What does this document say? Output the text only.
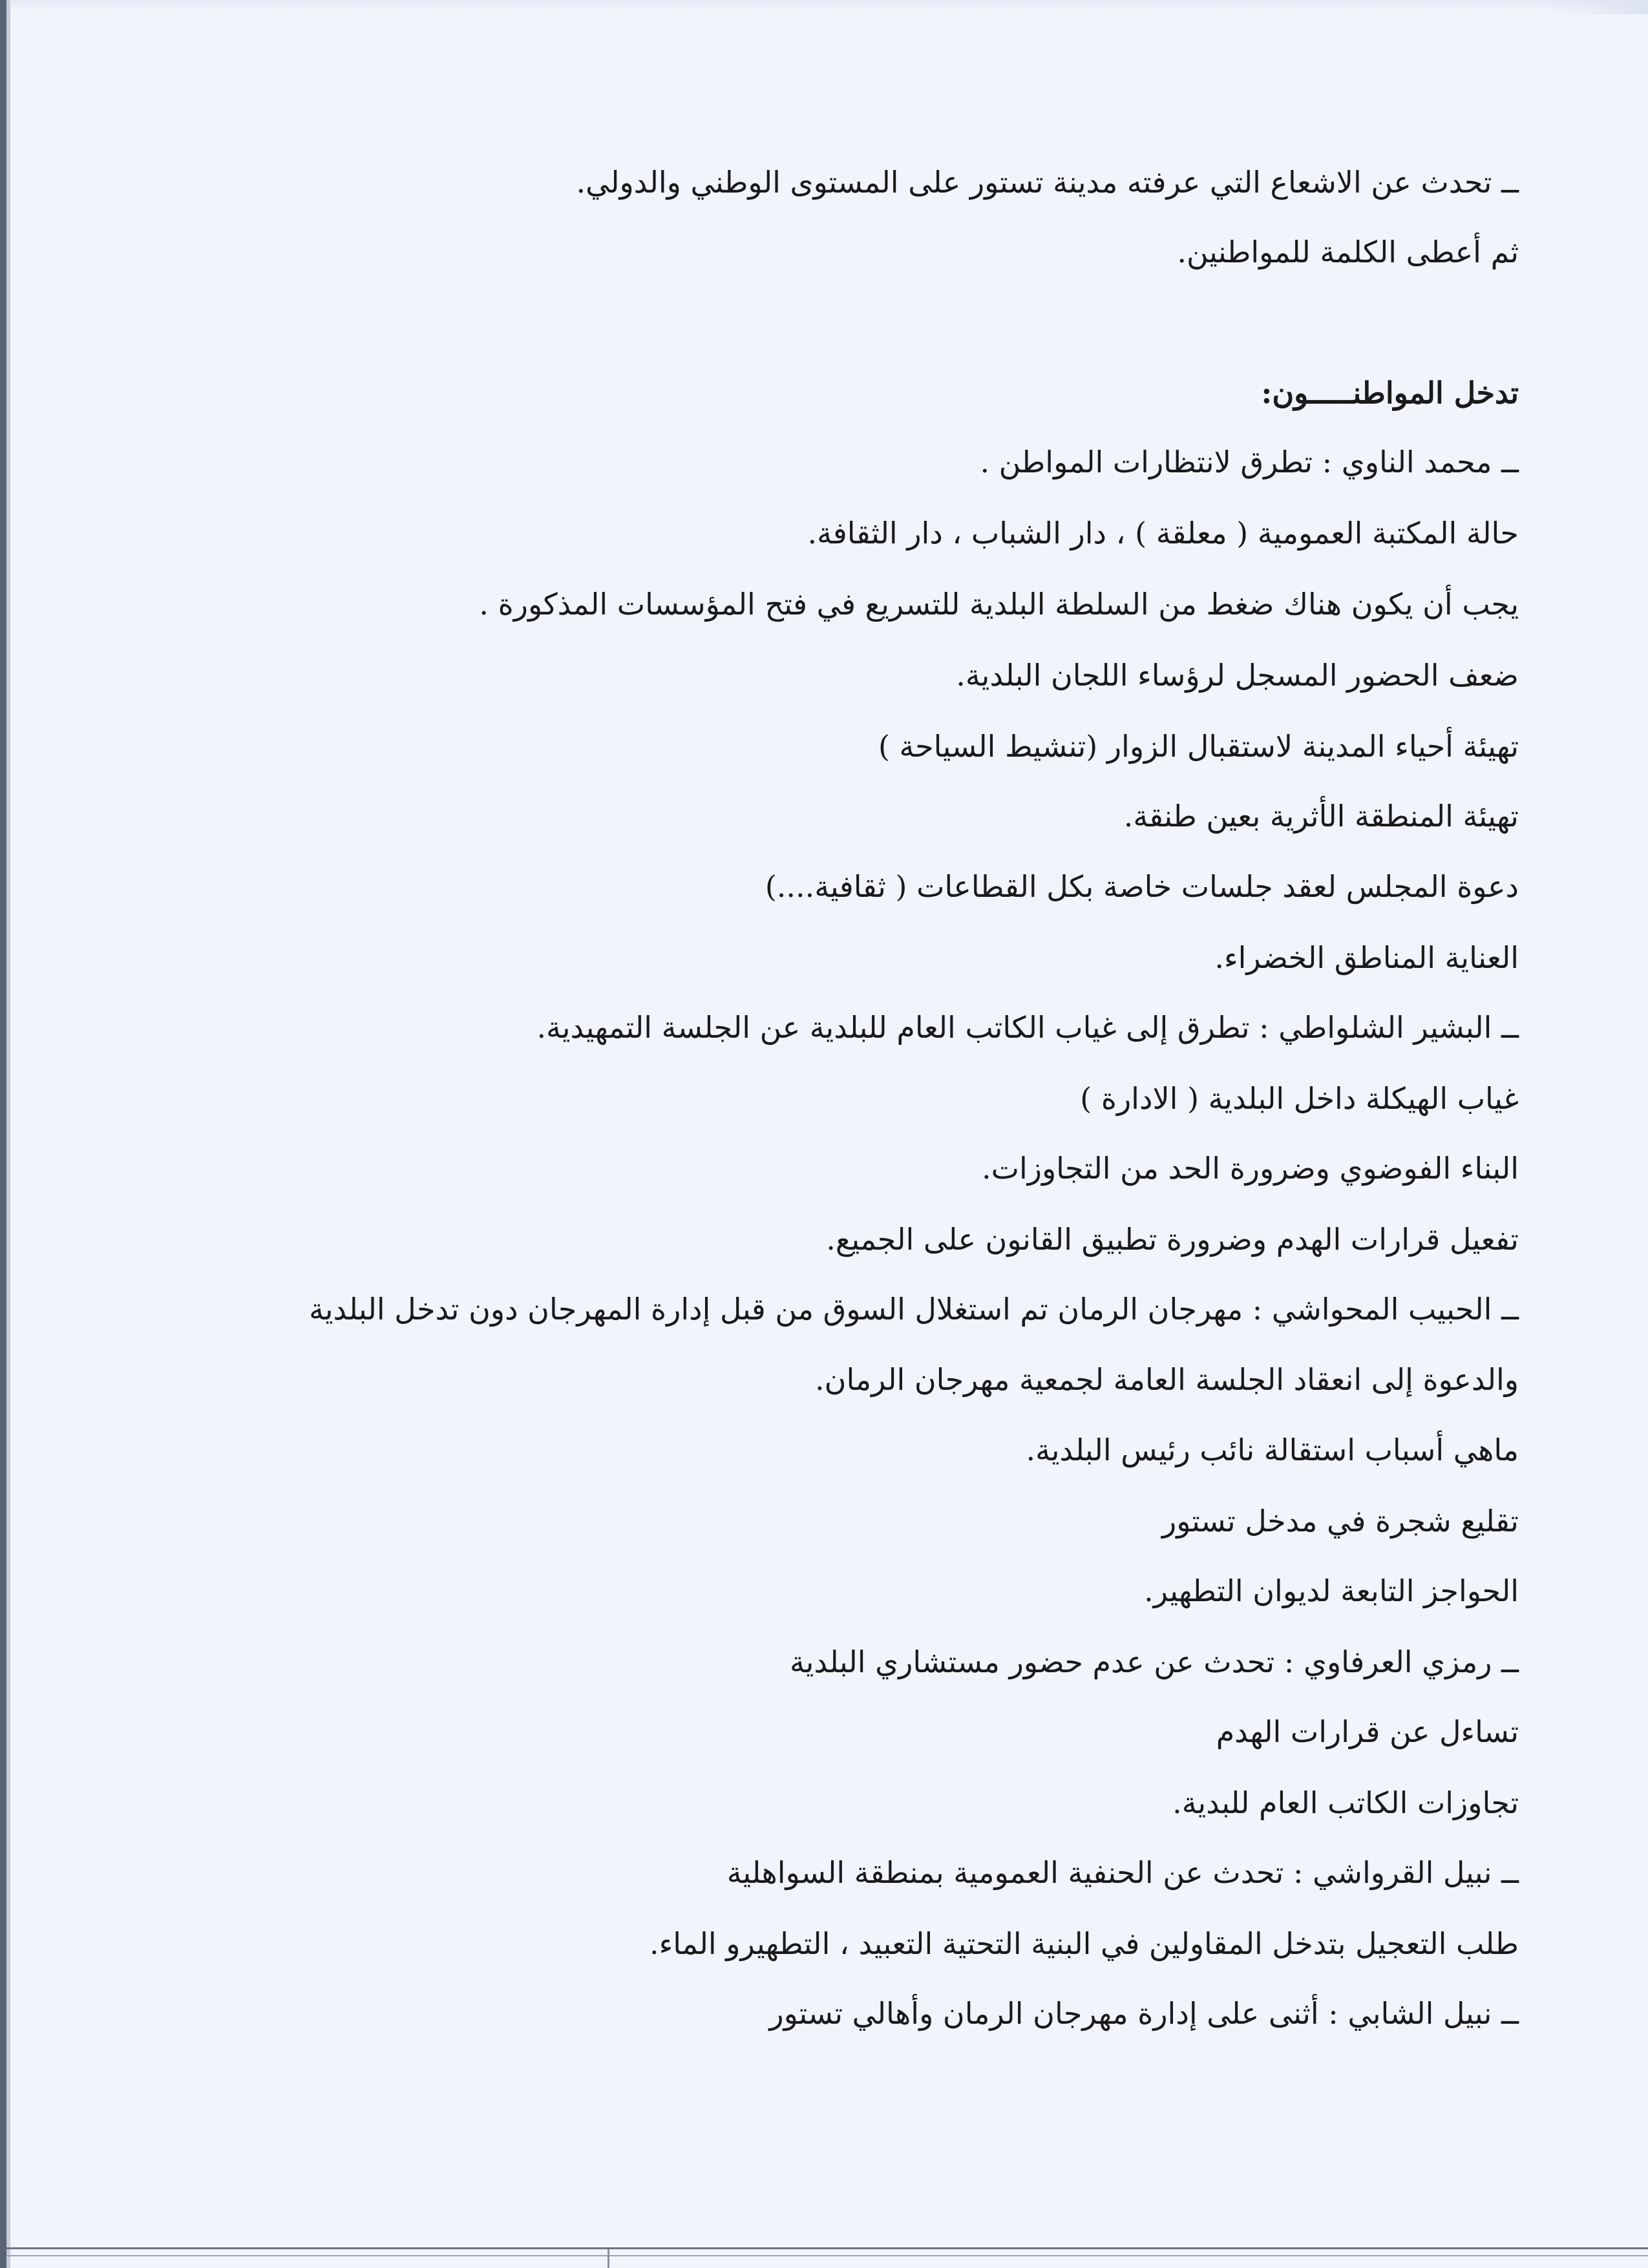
ــ تحدث عن الاشعاع التي عرفته مدينة تستور على المستوى الوطني والدولي.
ثم أعطى الكلمة للمواطنين.
تدخل المواطنـــــون:
ــ محمد الناوي : تطرق لانتظارات المواطن .
حالة المكتبة العمومية ( معلقة ) ، دار الشباب ، دار الثقافة.
يجب أن يكون هناك ضغط من السلطة البلدية للتسريع في فتح المؤسسات المذكورة .
ضعف الحضور المسجل لرؤساء اللجان البلدية.
تهيئة أحياء المدينة لاستقبال الزوار (تنشيط السياحة )
تهيئة المنطقة الأثرية بعين طنقة.
دعوة المجلس لعقد جلسات خاصة بكل القطاعات ( ثقافية....)
العناية المناطق الخضراء.
ــ البشير الشلواطي : تطرق إلى غياب الكاتب العام للبلدية عن الجلسة التمهيدية.
غياب الهيكلة داخل البلدية ( الادارة )
البناء الفوضوي وضرورة الحد من التجاوزات.
تفعيل قرارات الهدم وضرورة تطبيق القانون على الجميع.
ــ الحبيب المحواشي : مهرجان الرمان تم استغلال السوق من قبل إدارة المهرجان دون تدخل البلدية
والدعوة إلى انعقاد الجلسة العامة لجمعية مهرجان الرمان.
ماهي أسباب استقالة نائب رئيس البلدية.
تقليع شجرة في مدخل تستور
الحواجز التابعة لديوان التطهير.
ــ رمزي العرفاوي : تحدث عن عدم حضور مستشاري البلدية
تساءل عن قرارات الهدم
تجاوزات الكاتب العام للبدية.
ــ نبيل القرواشي : تحدث عن الحنفية العمومية بمنطقة السواهلية
طلب التعجيل بتدخل المقاولين في البنية التحتية التعبيد ، التطهيرو الماء.
ــ نبيل الشابي : أثنى على إدارة مهرجان الرمان وأهالي تستور
